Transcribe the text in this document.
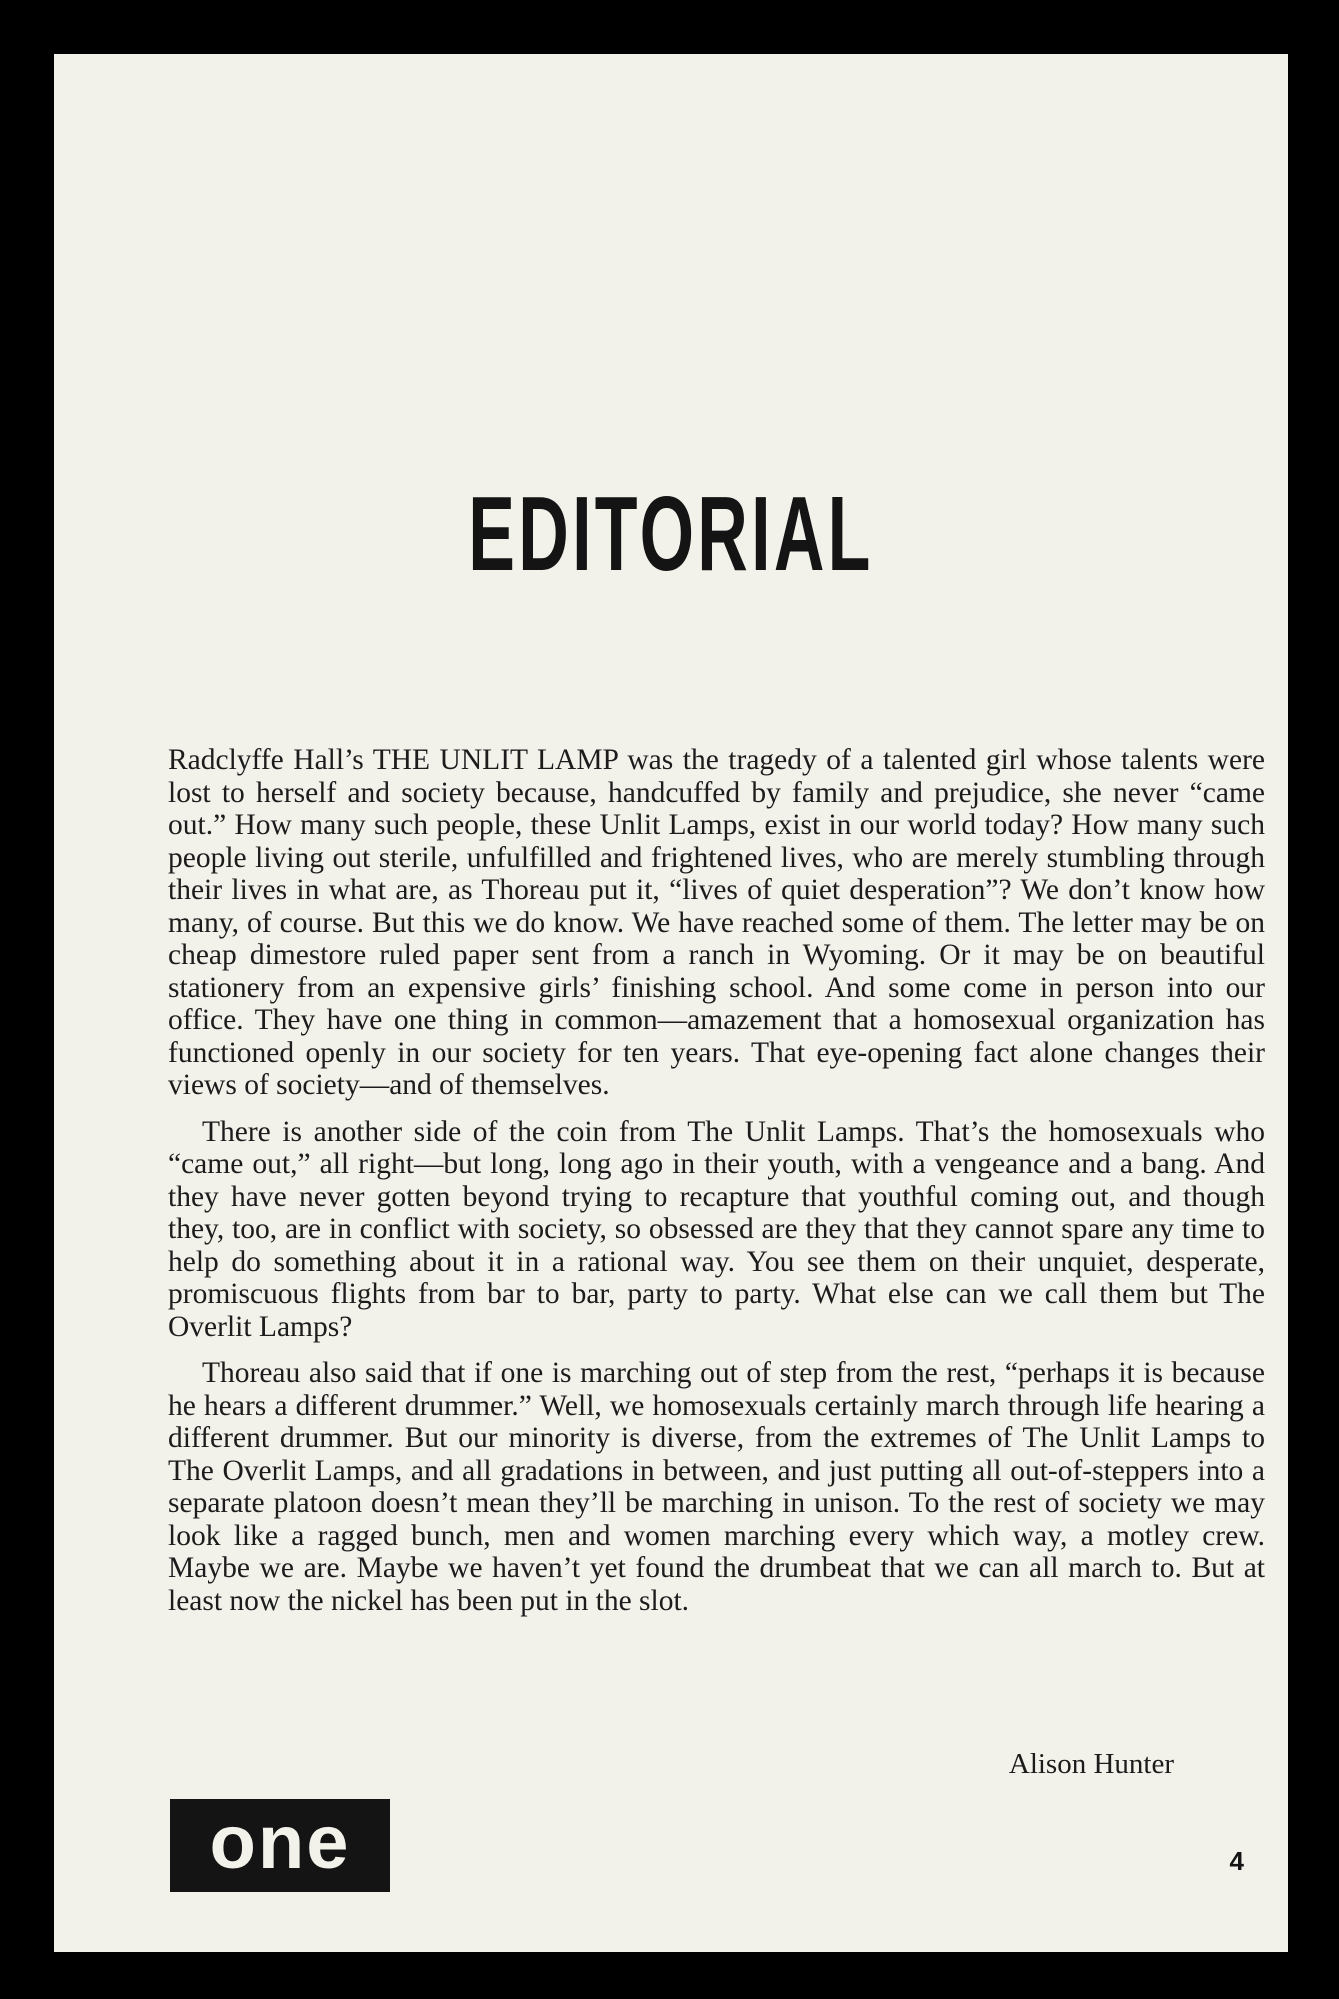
EDITORIAL

Radclyffe Hall’s THE UNLIT LAMP was the tragedy of a talented girl whose talents were lost to herself and society because, handcuffed by family and prejudice, she never “came out.” How many such people, these Unlit Lamps, exist in our world today? How many such people living out sterile, unfulfilled and frightened lives, who are merely stumbling through their lives in what are, as Thoreau put it, “lives of quiet desperation”? We don’t know how many, of course. But this we do know. We have reached some of them. The letter may be on cheap dimestore ruled paper sent from a ranch in Wyoming. Or it may be on beautiful stationery from an expensive girls’ finishing school. And some come in person into our office. They have one thing in common—amazement that a homosexual organization has functioned openly in our society for ten years. That eye-opening fact alone changes their views of society—and of themselves.

There is another side of the coin from The Unlit Lamps. That’s the homosexuals who “came out,” all right—but long, long ago in their youth, with a vengeance and a bang. And they have never gotten beyond trying to recapture that youthful coming out, and though they, too, are in conflict with society, so obsessed are they that they cannot spare any time to help do something about it in a rational way. You see them on their unquiet, desperate, promiscuous flights from bar to bar, party to party. What else can we call them but The Overlit Lamps?

Thoreau also said that if one is marching out of step from the rest, “perhaps it is because he hears a different drummer.” Well, we homosexuals certainly march through life hearing a different drummer. But our minority is diverse, from the extremes of The Unlit Lamps to The Overlit Lamps, and all gradations in between, and just putting all out-of-steppers into a separate platoon doesn’t mean they’ll be marching in unison. To the rest of society we may look like a ragged bunch, men and women marching every which way, a motley crew. Maybe we are. Maybe we haven’t yet found the drumbeat that we can all march to. But at least now the nickel has been put in the slot.

Alison Hunter
one	4
